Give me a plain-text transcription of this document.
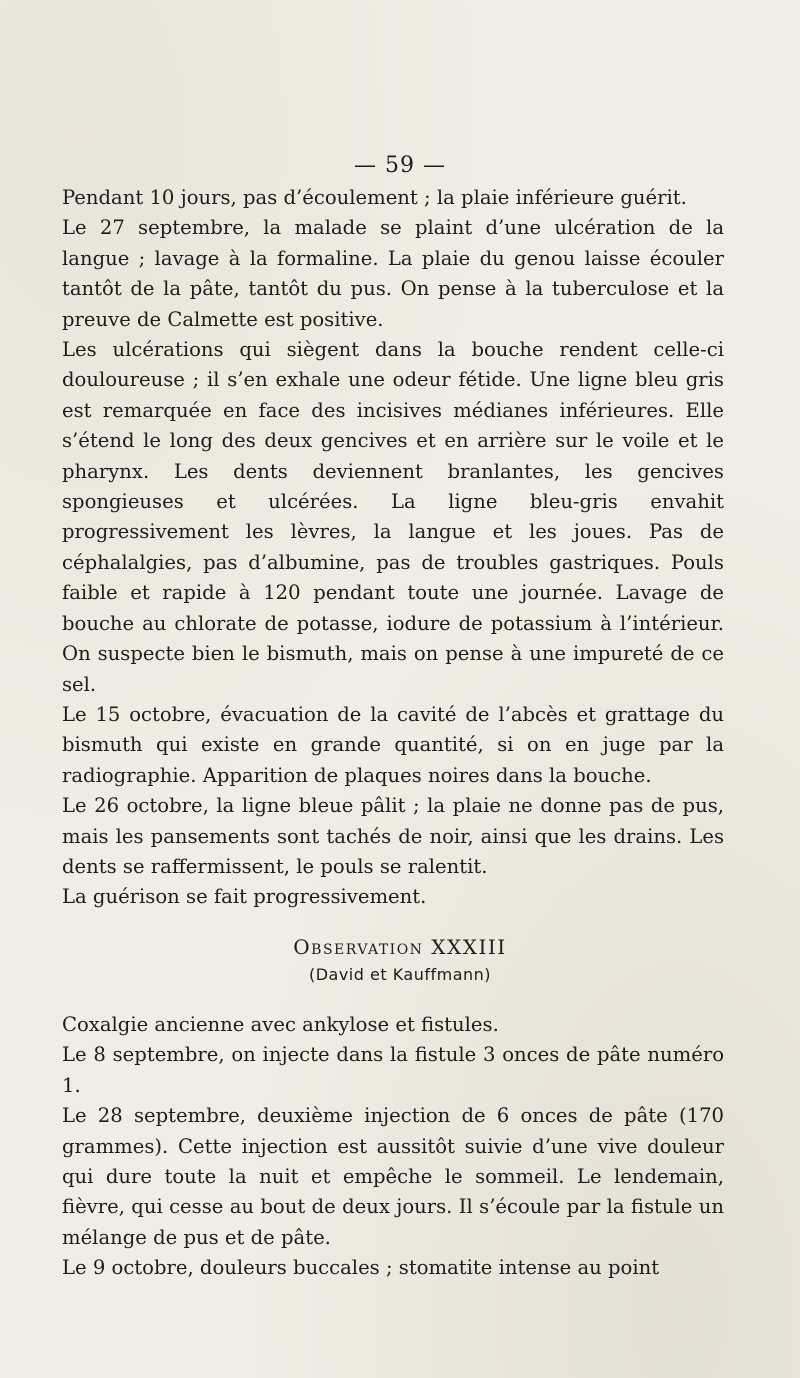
— 59 —

Pendant 10 jours, pas d’écoulement ; la plaie inférieure guérit.

Le 27 septembre, la malade se plaint d’une ulcération de la langue ; lavage à la formaline. La plaie du genou laisse écouler tantôt de la pâte, tantôt du pus. On pense à la tuberculose et la preuve de Calmette est positive.

Les ulcérations qui siègent dans la bouche rendent celle-ci douloureuse ; il s’en exhale une odeur fétide. Une ligne bleu gris est remarquée en face des incisives médianes inférieures. Elle s’étend le long des deux gencives et en arrière sur le voile et le pharynx. Les dents deviennent branlantes, les gencives spongieuses et ulcérées. La ligne bleu-gris envahit progressivement les lèvres, la langue et les joues. Pas de céphalalgies, pas d’albumine, pas de troubles gastriques. Pouls faible et rapide à 120 pendant toute une journée. Lavage de bouche au chlorate de potasse, iodure de potassium à l’intérieur. On suspecte bien le bismuth, mais on pense à une impureté de ce sel.

Le 15 octobre, évacuation de la cavité de l’abcès et grattage du bismuth qui existe en grande quantité, si on en juge par la radiographie. Apparition de plaques noires dans la bouche.

Le 26 octobre, la ligne bleue pâlit ; la plaie ne donne pas de pus, mais les pansements sont tachés de noir, ainsi que les drains. Les dents se raffermissent, le pouls se ralentit.

La guérison se fait progressivement.

Observation XXXIII
(David et Kauffmann)

Coxalgie ancienne avec ankylose et fistules.

Le 8 septembre, on injecte dans la fistule 3 onces de pâte numéro 1.

Le 28 septembre, deuxième injection de 6 onces de pâte (170 grammes). Cette injection est aussitôt suivie d’une vive douleur qui dure toute la nuit et empêche le sommeil. Le lendemain, fièvre, qui cesse au bout de deux jours. Il s’écoule par la fistule un mélange de pus et de pâte.

Le 9 octobre, douleurs buccales ; stomatite intense au point
